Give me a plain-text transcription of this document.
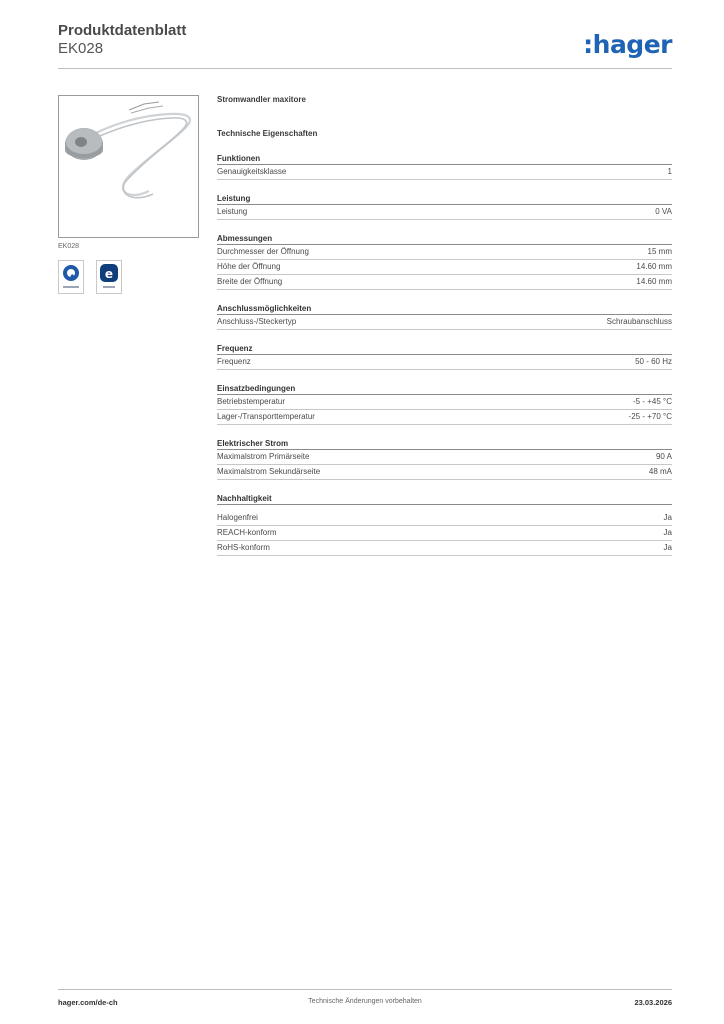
Produktdatenblatt
EK028	:hager
EK028
e
Stromwandler maxitore
Technische Eigenschaften
Funktionen
Genauigkeitsklasse	1
Leistung
Leistung	0 VA
Abmessungen
Durchmesser der Öffnung	15 mm
Höhe der Öffnung	14.60 mm
Breite der Öffnung	14.60 mm
Anschlussmöglichkeiten
Anschluss-/Steckertyp	Schraubanschluss
Frequenz
Frequenz	50 - 60 Hz
Einsatzbedingungen
Betriebstemperatur	-5 - +45 °C
Lager-/Transporttemperatur	-25 - +70 °C
Elektrischer Strom
Maximalstrom Primärseite	90 A
Maximalstrom Sekundärseite	48 mA
Nachhaltigkeit
Halogenfrei	Ja
REACH-konform	Ja
RoHS-konform	Ja
hager.com/de-ch	Technische Änderungen vorbehalten	23.03.2026
